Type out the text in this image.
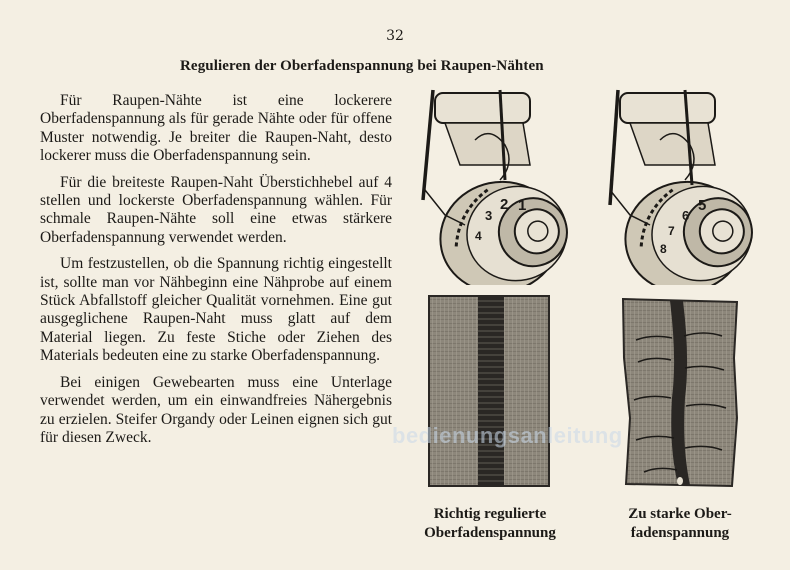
32
Regulieren der Oberfadenspannung bei Raupen-Nähten

Für Raupen-Nähte ist eine lockerere Oberfadenspannung als für gerade Nähte oder für offene Muster notwendig. Je breiter die Raupen-Naht, desto lockerer muss die Oberfadenspannung sein.

Für die breiteste Raupen-Naht Überstichhebel auf 4 stellen und lockerste Oberfadenspannung wählen. Für schmale Raupen-Nähte soll eine etwas stärkere Oberfadenspannung verwendet werden.

Um festzustellen, ob die Spannung richtig eingestellt ist, sollte man vor Nähbeginn eine Nähprobe auf einem Stück Abfallstoff gleicher Qualität vornehmen. Eine gut ausgeglichene Raupen-Naht muss glatt auf dem Material liegen. Zu feste Stiche oder Ziehen des Materials bedeuten eine zu starke Oberfadenspannung.

Bei einigen Gewebearten muss eine Unterlage verwendet werden, um ein einwandfreies Nähergebnis zu erzielen. Steifer Organdy oder Leinen eignen sich gut für diesen Zweck.

1
2
3
4
5
6
7
8
Richtig regulierte
Oberfadenspannung
Zu starke Ober-
fadenspannung
bedienungsanleitung
